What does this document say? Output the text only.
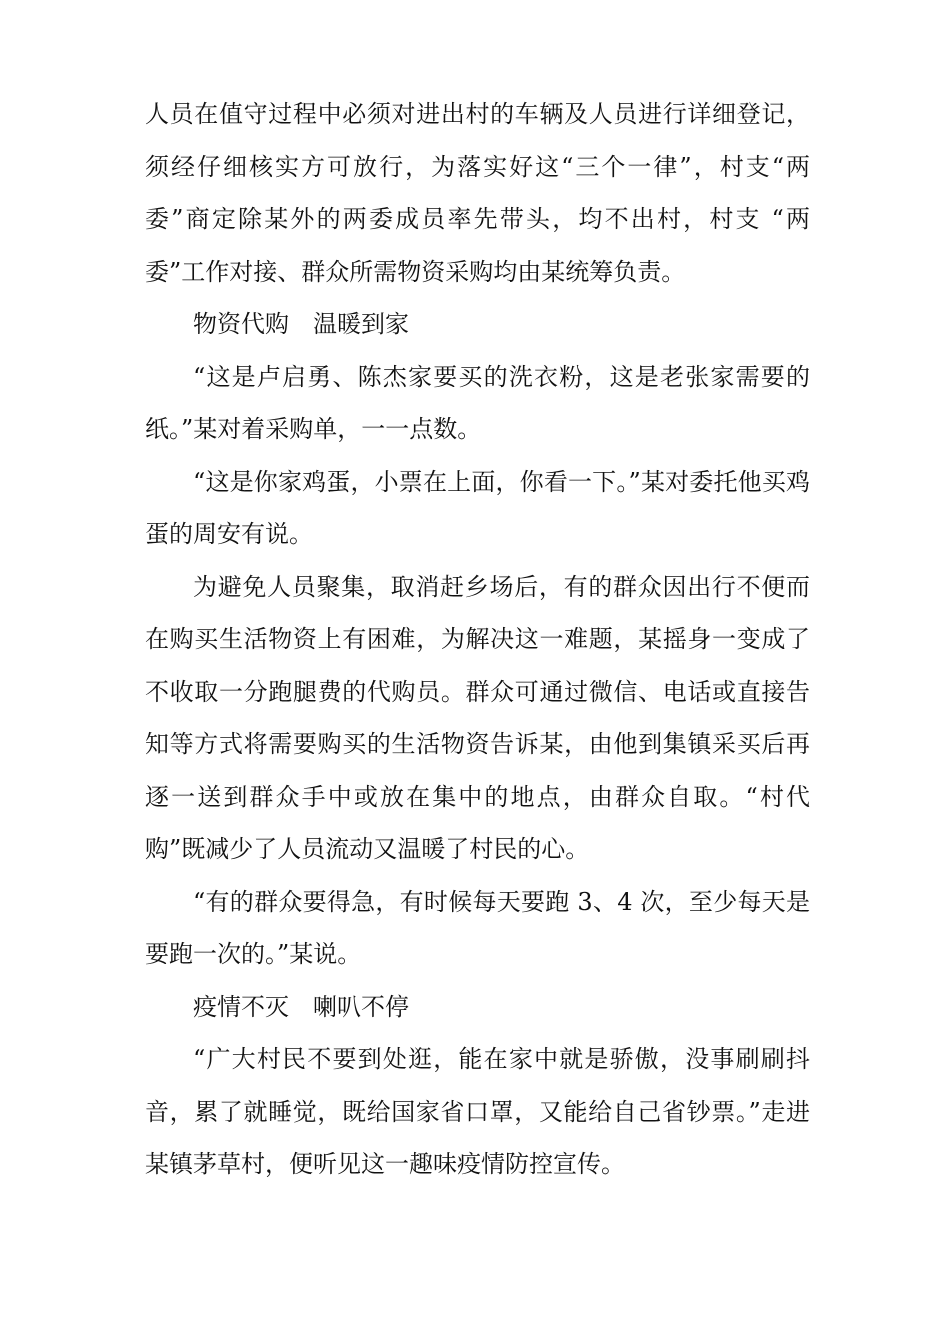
人员在值守过程中必须对进出村的车辆及人员进行详细登记，须经仔细核实方可放行，为落实好这“三个一律”，村支“两委”商定除某外的两委成员率先带头，均不出村，村支 “两委”工作对接、群众所需物资采购均由某统筹负责。

物资代购　温暖到家

“这是卢启勇、陈杰家要买的洗衣粉，这是老张家需要的纸。”某对着采购单，一一点数。

“这是你家鸡蛋，小票在上面，你看一下。”某对委托他买鸡蛋的周安有说。

为避免人员聚集，取消赶乡场后，有的群众因出行不便而在购买生活物资上有困难，为解决这一难题，某摇身一变成了不收取一分跑腿费的代购员。群众可通过微信、电话或直接告知等方式将需要购买的生活物资告诉某，由他到集镇采买后再逐一送到群众手中或放在集中的地点，由群众自取。“村代购”既减少了人员流动又温暖了村民的心。

“有的群众要得急，有时候每天要跑 3、4 次，至少每天是要跑一次的。”某说。

疫情不灭　喇叭不停

“广大村民不要到处逛，能在家中就是骄傲，没事刷刷抖音，累了就睡觉，既给国家省口罩，又能给自己省钞票。”走进某镇茅草村，便听见这一趣味疫情防控宣传。
